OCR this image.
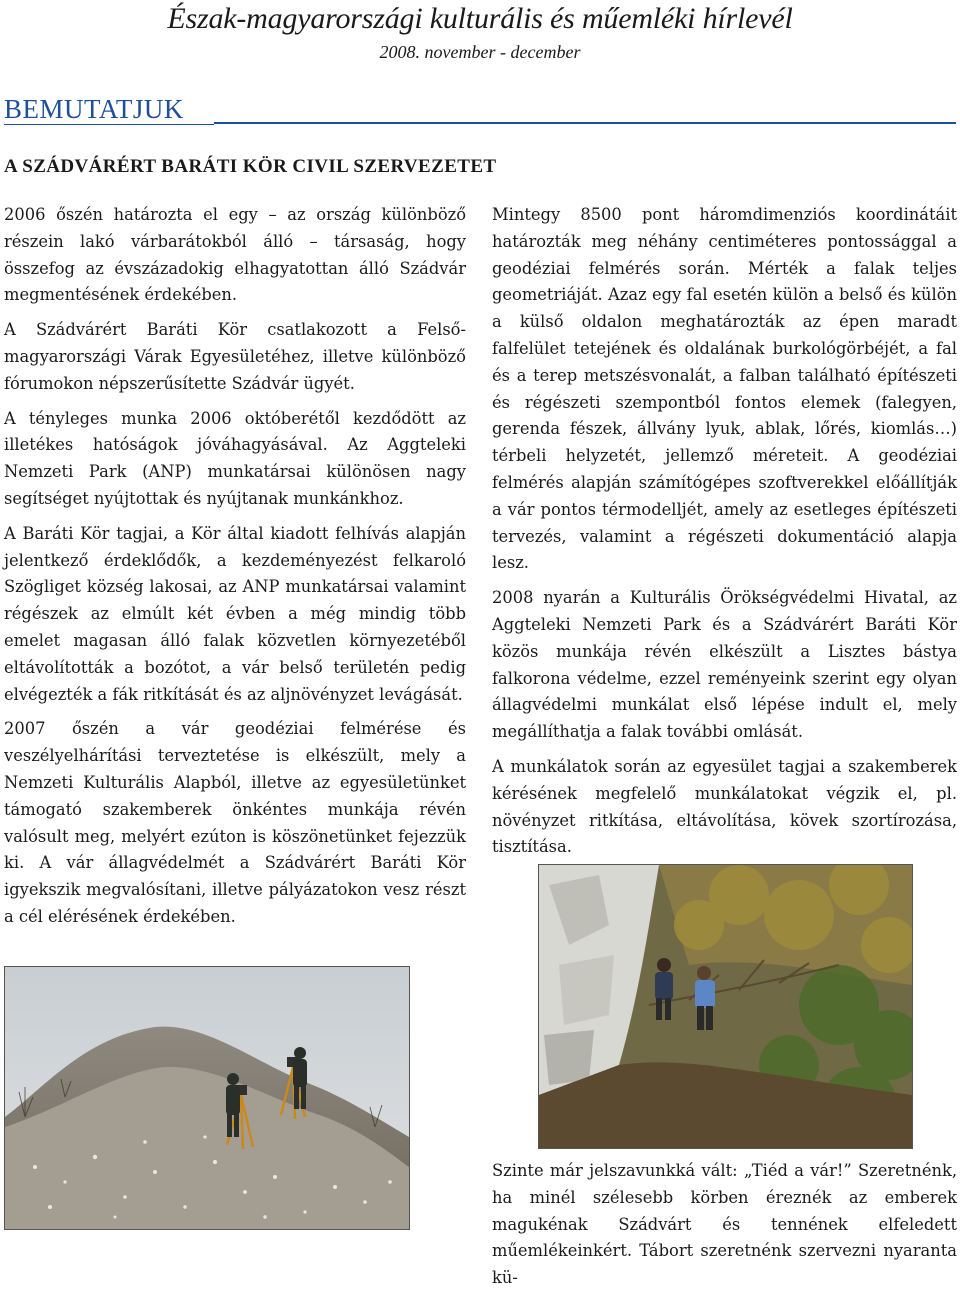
Észak-magyarországi kulturális és műemléki hírlevél
2008. november - december
BEMUTATJUK
A SZÁDVÁRÉRT BARÁTI KÖR CIVIL SZERVEZETET

2006 őszén határozta el egy – az ország különböző részein lakó várbarátokból álló – társaság, hogy összefog az évszázadokig elhagyatottan álló Szádvár megmentésének érdekében.

A Szádvárért Baráti Kör csatlakozott a Felső-magyarországi Várak Egyesületéhez, illetve különböző fórumokon népszerűsítette Szádvár ügyét.

A tényleges munka 2006 októberétől kezdődött az illetékes hatóságok jóváhagyásával. Az Aggteleki Nemzeti Park (ANP) munkatársai különösen nagy segítséget nyújtottak és nyújtanak munkánkhoz.

A Baráti Kör tagjai, a Kör által kiadott felhívás alapján jelentkező érdeklődők, a kezdeményezést felkaroló Szögliget község lakosai, az ANP munkatársai valamint régészek az elmúlt két évben a még mindig több emelet magasan álló falak közvetlen környezetéből eltávolították a bozótot, a vár belső területén pedig elvégezték a fák ritkítását és az aljnövényzet levágását.

2007 őszén a vár geodéziai felmérése és veszélyelhárítási terveztetése is elkészült, mely a Nemzeti Kulturális Alapból, illetve az egyesületünket támogató szakemberek önkéntes munkája révén valósult meg, melyért ezúton is köszönetünket fejezzük ki. A vár állagvédelmét a Szádvárért Baráti Kör igyekszik megvalósítani, illetve pályázatokon vesz részt a cél elérésének érdekében.

Mintegy 8500 pont háromdimenziós koordinátáit határozták meg néhány centiméteres pontossággal a geodéziai felmérés során. Mérték a falak teljes geometriáját. Azaz egy fal esetén külön a belső és külön a külső oldalon meghatározták az épen maradt falfelület tetejének és oldalának burkológörbéjét, a fal és a terep metszésvonalát, a falban található építészeti és régészeti szempontból fontos elemek (falegyen, gerenda fészek, állvány lyuk, ablak, lőrés, kiomlás…) térbeli helyzetét, jellemző méreteit. A geodéziai felmérés alapján számítógépes szoftverekkel előállítják a vár pontos térmodelljét, amely az esetleges építészeti tervezés, valamint a régészeti dokumentáció alapja lesz.

2008 nyarán a Kulturális Örökségvédelmi Hivatal, az Aggteleki Nemzeti Park és a Szádvárért Baráti Kör közös munkája révén elkészült a Lisztes bástya falkorona védelme, ezzel reményeink szerint egy olyan állagvédelmi munkálat első lépése indult el, mely megállíthatja a falak további omlását.

A munkálatok során az egyesület tagjai a szakemberek kérésének megfelelő munkálatokat végzik el, pl. növényzet ritkítása, eltávolítása, kövek szortírozása, tisztítása.

Szinte már jelszavunkká vált: „Tiéd a vár!” Szeretnénk, ha minél szélesebb körben éreznék az emberek magukénak Szádvárt és tennének elfeledett műemlékeinkért. Tábort szeretnénk szervezni nyaranta kü-
